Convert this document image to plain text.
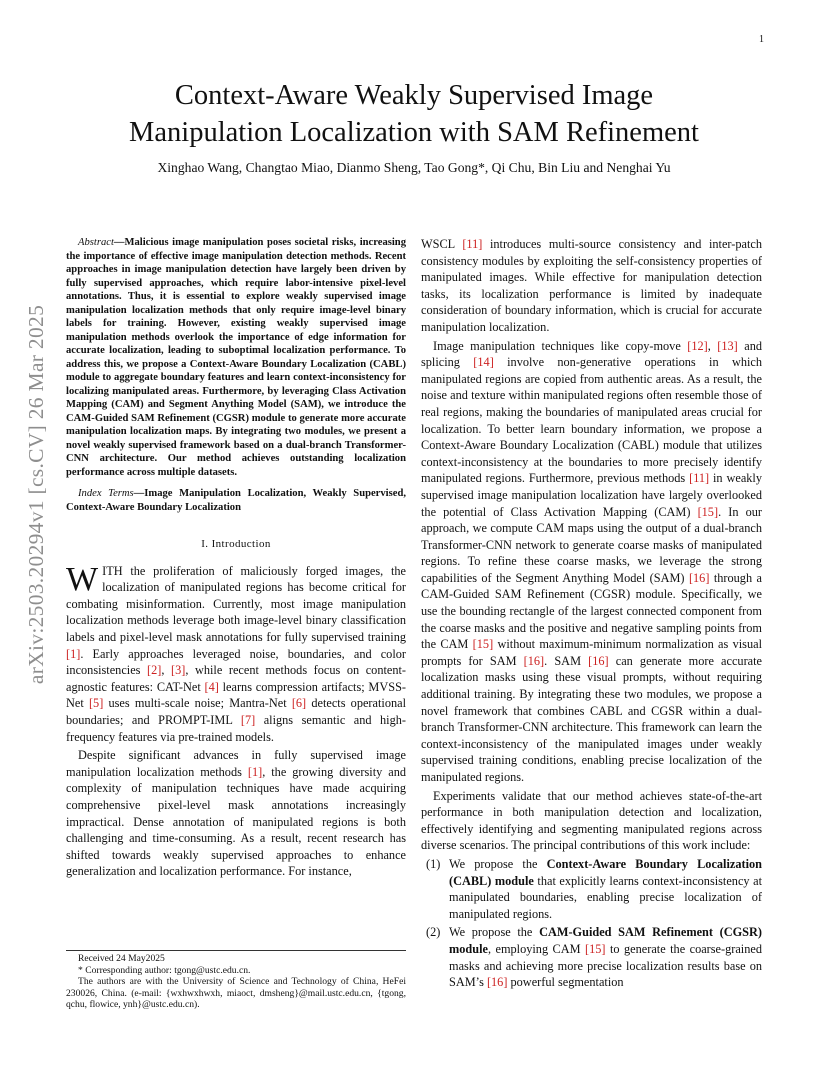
1
arXiv:2503.20294v1 [cs.CV] 26 Mar 2025
Context-Aware Weakly Supervised Image
Manipulation Localization with SAM Refinement
Xinghao Wang, Changtao Miao, Dianmo Sheng, Tao Gong*, Qi Chu, Bin Liu and Nenghai Yu

Abstract—Malicious image manipulation poses societal risks, increasing the importance of effective image manipulation detection methods. Recent approaches in image manipulation detection have largely been driven by fully supervised approaches, which require labor-intensive pixel-level annotations. Thus, it is essential to explore weakly supervised image manipulation localization methods that only require image-level binary labels for training. However, existing weakly supervised image manipulation methods overlook the importance of edge information for accurate localization, leading to suboptimal localization performance. To address this, we propose a Context-Aware Boundary Localization (CABL) module to aggregate boundary features and learn context-inconsistency for localizing manipulated areas. Furthermore, by leveraging Class Activation Mapping (CAM) and Segment Anything Model (SAM), we introduce the CAM-Guided SAM Refinement (CGSR) module to generate more accurate manipulation localization maps. By integrating two modules, we present a novel weakly supervised framework based on a dual-branch Transformer-CNN architecture. Our method achieves outstanding localization performance across multiple datasets.

Index Terms—Image Manipulation Localization, Weakly Supervised, Context-Aware Boundary Localization

I. Introduction

WITH the proliferation of maliciously forged images, the localization of manipulated regions has become critical for combating misinformation. Currently, most image manipulation localization methods leverage both image-level binary classification labels and pixel-level mask annotations for fully supervised training [1]. Early approaches leveraged noise, boundaries, and color inconsistencies [2], [3], while recent methods focus on content-agnostic features: CAT-Net [4] learns compression artifacts; MVSS-Net [5] uses multi-scale noise; Mantra-Net [6] detects operational boundaries; and PROMPT-IML [7] aligns semantic and high-frequency features via pre-trained models.

Despite significant advances in fully supervised image manipulation localization methods [1], the growing diversity and complexity of manipulation techniques have made acquiring comprehensive pixel-level mask annotations increasingly impractical. Dense annotation of manipulated regions is both challenging and time-consuming. As a result, recent research has shifted towards weakly supervised approaches to enhance generalization and localization performance. For instance,

Received 24 May2025

* Corresponding author: tgong@ustc.edu.cn.

The authors are with the University of Science and Technology of China, HeFei 230026, China. (e-mail: {wxhwxhwxh, miaoct, dmsheng}@mail.ustc.edu.cn, {tgong, qchu, flowice, ynh}@ustc.edu.cn).

WSCL [11] introduces multi-source consistency and inter-patch consistency modules by exploiting the self-consistency properties of manipulated images. While effective for manipulation detection tasks, its localization performance is limited by inadequate consideration of boundary information, which is crucial for accurate manipulation localization.

Image manipulation techniques like copy-move [12], [13] and splicing [14] involve non-generative operations in which manipulated regions are copied from authentic areas. As a result, the noise and texture within manipulated regions often resemble those of real regions, making the boundaries of manipulated areas crucial for localization. To better learn boundary information, we propose a Context-Aware Boundary Localization (CABL) module that utilizes context-inconsistency at the boundaries to more precisely identify manipulated regions. Furthermore, previous methods [11] in weakly supervised image manipulation localization have largely overlooked the potential of Class Activation Mapping (CAM) [15]. In our approach, we compute CAM maps using the output of a dual-branch Transformer-CNN network to generate coarse masks of manipulated regions. To refine these coarse masks, we leverage the strong capabilities of the Segment Anything Model (SAM) [16] through a CAM-Guided SAM Refinement (CGSR) module. Specifically, we use the bounding rectangle of the largest connected component from the coarse masks and the positive and negative sampling points from the CAM [15] without maximum-minimum normalization as visual prompts for SAM [16]. SAM [16] can generate more accurate localization masks using these visual prompts, without requiring additional training. By integrating these two modules, we propose a novel framework that combines CABL and CGSR within a dual-branch Transformer-CNN architecture. This framework can learn the context-inconsistency of the manipulated images under weakly supervised training conditions, enabling precise localization of the manipulated regions.

Experiments validate that our method achieves state-of-the-art performance in both manipulation detection and localization, effectively identifying and segmenting manipulated regions across diverse scenarios. The principal contributions of this work include:

(1) We propose the Context-Aware Boundary Localization (CABL) module that explicitly learns context-inconsistency at manipulated boundaries, enabling precise localization of manipulated regions.
(2) We propose the CAM-Guided SAM Refinement (CGSR) module, employing CAM [15] to generate the coarse-grained masks and achieving more precise localization results base on SAM’s [16] powerful segmentation
